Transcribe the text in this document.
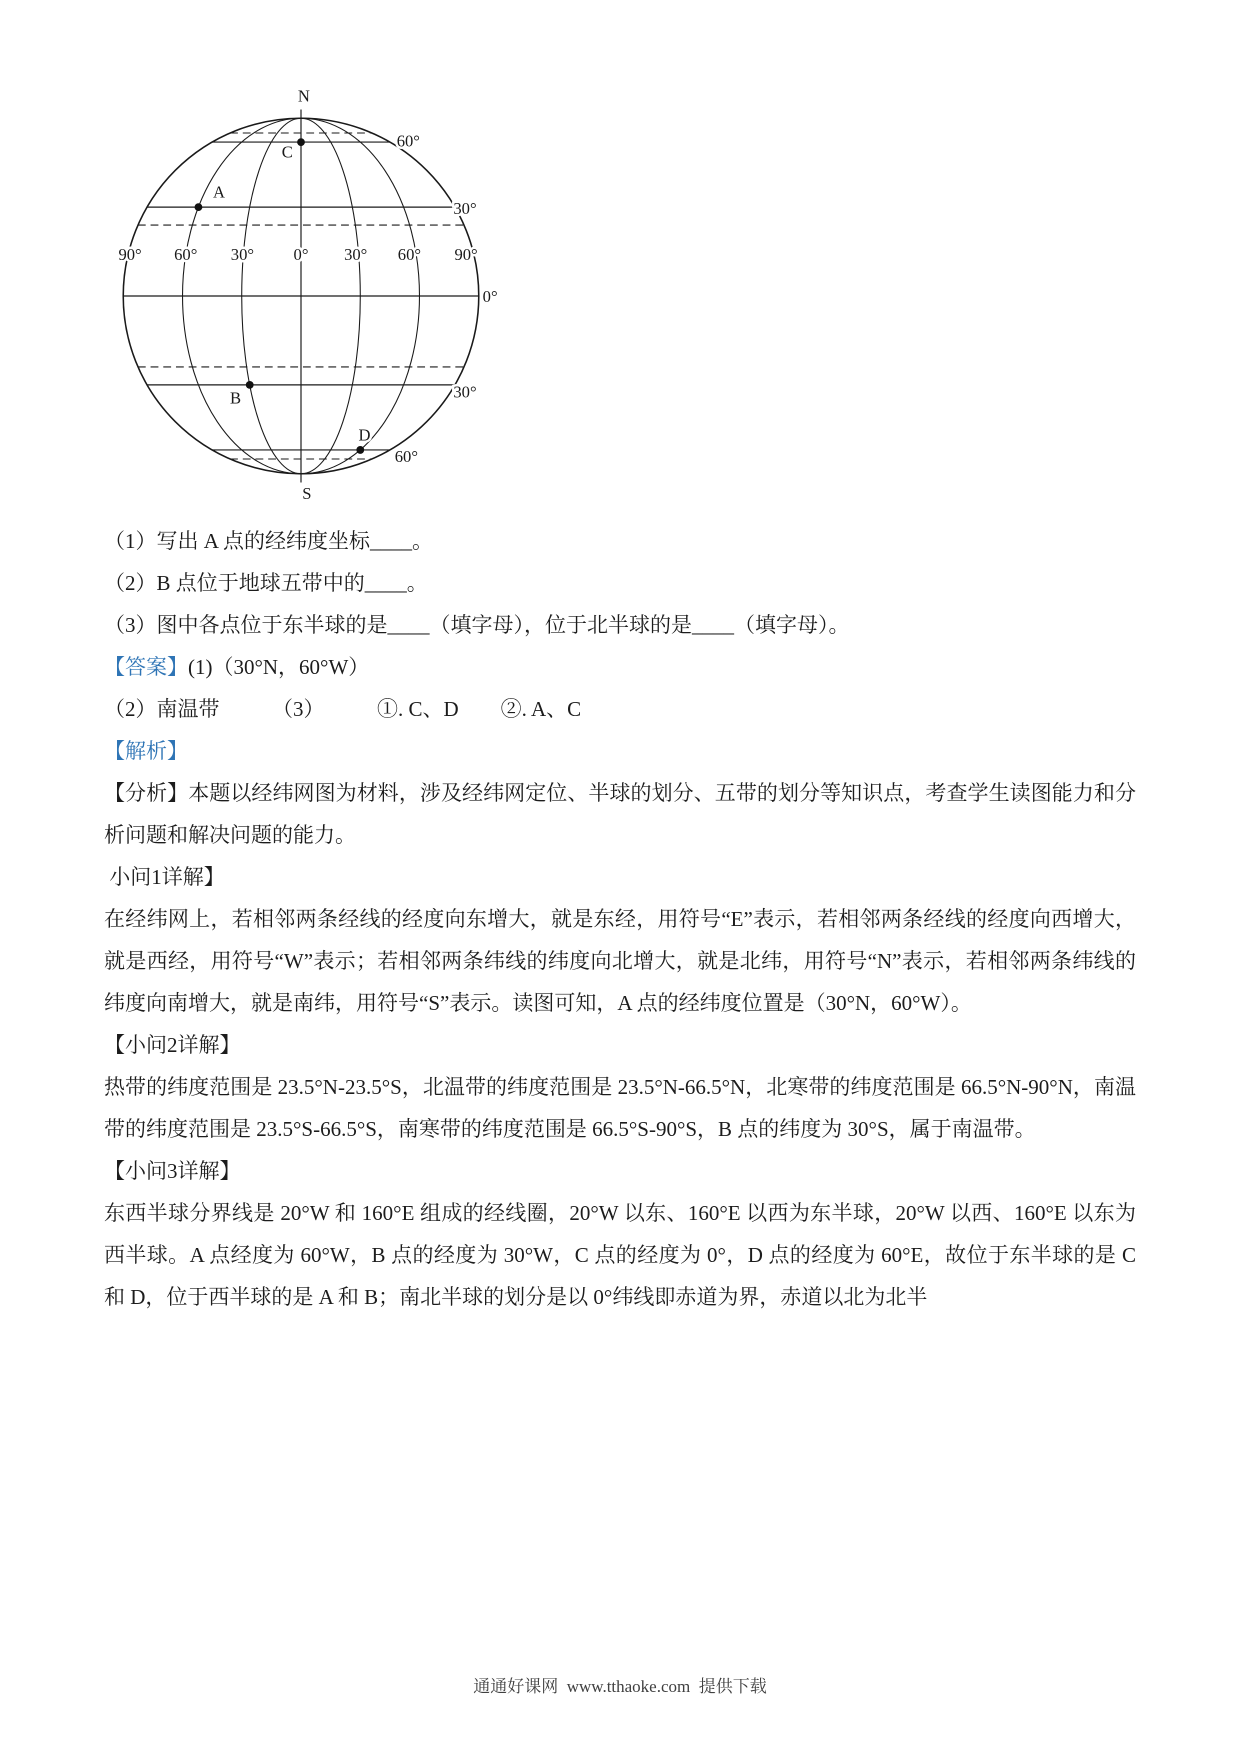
N
S
60°
30°
0°
30°
60°
90° 60° 30° 0° 30° 60° 90°
A
B
C
D

（1）写出 A 点的经纬度坐标____。

（2）B 点位于地球五带中的____。

（3）图中各点位于东半球的是____（填字母），位于北半球的是____（填字母）。

【答案】(1)（30°N，60°W）

（2）南温带　　　（3）　　　①. C、D　　②. A、C

【解析】

【分析】本题以经纬网图为材料，涉及经纬网定位、半球的划分、五带的划分等知识点，考查学生读图能力和分析问题和解决问题的能力。

小问1详解】

在经纬网上，若相邻两条经线的经度向东增大，就是东经，用符号“E”表示，若相邻两条经线的经度向西增大，就是西经，用符号“W”表示；若相邻两条纬线的纬度向北增大，就是北纬，用符号“N”表示，若相邻两条纬线的纬度向南增大，就是南纬，用符号“S”表示。读图可知，A 点的经纬度位置是（30°N，60°W）。

【小问2详解】

热带的纬度范围是 23.5°N-23.5°S，北温带的纬度范围是 23.5°N-66.5°N，北寒带的纬度范围是 66.5°N-90°N，南温带的纬度范围是 23.5°S-66.5°S，南寒带的纬度范围是 66.5°S-90°S，B 点的纬度为 30°S，属于南温带。

【小问3详解】

东西半球分界线是 20°W 和 160°E 组成的经线圈，20°W 以东、160°E 以西为东半球，20°W 以西、160°E 以东为西半球。A 点经度为 60°W，B 点的经度为 30°W，C 点的经度为 0°，D 点的经度为 60°E，故位于东半球的是 C 和 D，位于西半球的是 A 和 B；南北半球的划分是以 0°纬线即赤道为界，赤道以北为北半

通通好课网  www.tthaoke.com  提供下载
